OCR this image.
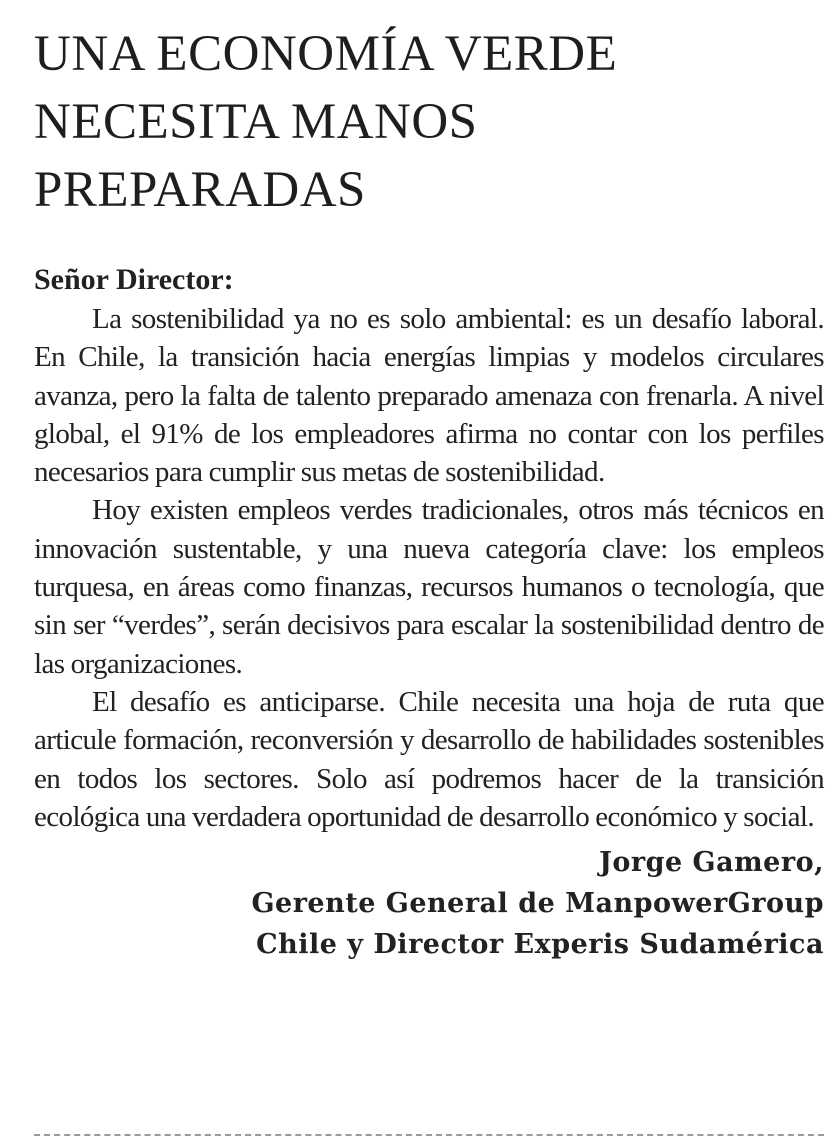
UNA ECONOMÍA VERDE
NECESITA MANOS
PREPARADAS
Señor Director:

La sostenibilidad ya no es solo ambiental: es un desafío laboral. En Chile, la transición hacia energías limpias y modelos circulares avanza, pero la falta de talento preparado amenaza con frenarla. A nivel global, el 91% de los empleadores afirma no contar con los perfiles necesarios para cumplir sus metas de sostenibilidad.

Hoy existen empleos verdes tradicionales, otros más técnicos en innovación sustentable, y una nueva categoría clave: los empleos turquesa, en áreas como finanzas, recursos humanos o tecnología, que sin ser “verdes”, serán decisivos para escalar la sostenibilidad dentro de las organizaciones.

El desafío es anticiparse. Chile necesita una hoja de ruta que articule formación, reconversión y desarrollo de habilidades sostenibles en todos los sectores. Solo así podremos hacer de la transición ecológica una verdadera oportunidad de desarrollo económico y social.

Jorge Gamero,
Gerente General de ManpowerGroup
Chile y Director Experis Sudamérica
